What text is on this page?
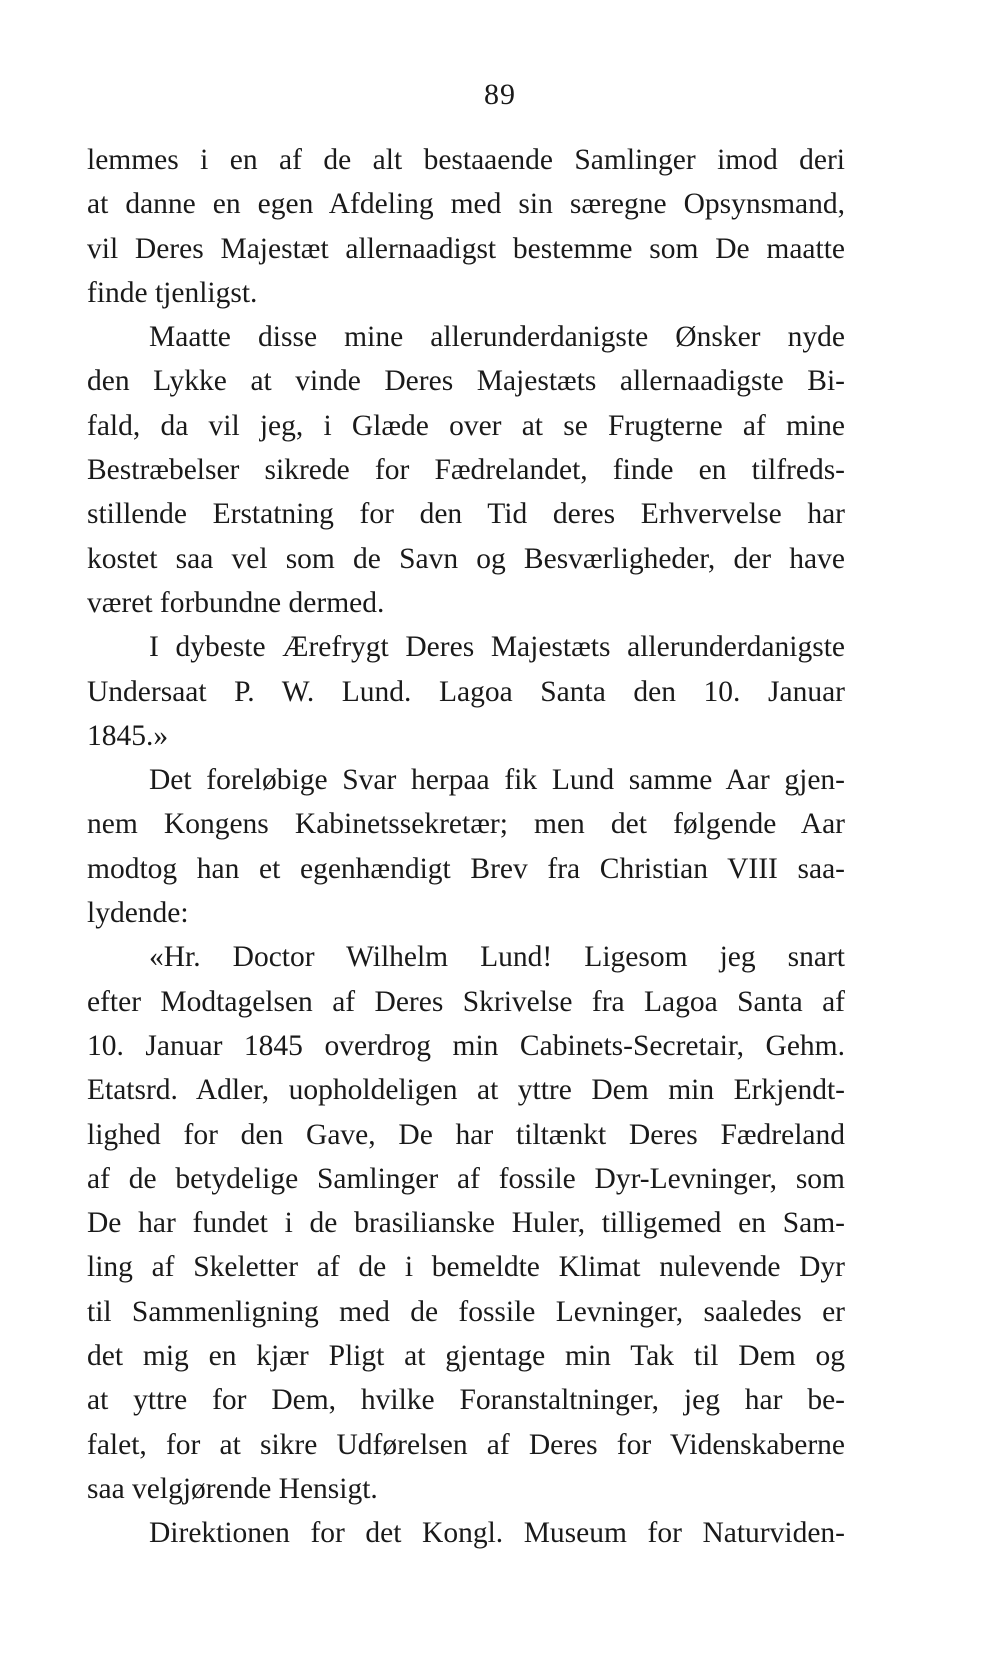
89
lemmes i en af de alt bestaaende Samlinger imod deri
at danne en egen Afdeling med sin særegne Opsynsmand,
vil Deres Majestæt allernaadigst bestemme som De maatte
finde tjenligst.
Maatte disse mine allerunderdanigste Ønsker nyde
den Lykke at vinde Deres Majestæts allernaadigste Bi-
fald, da vil jeg, i Glæde over at se Frugterne af mine
Bestræbelser sikrede for Fædrelandet, finde en tilfreds-
stillende Erstatning for den Tid deres Erhvervelse har
kostet saa vel som de Savn og Besværligheder, der have
været forbundne dermed.
I dybeste Ærefrygt Deres Majestæts allerunderdanigste
Undersaat P. W. Lund. Lagoa Santa den 10. Januar
1845.»
Det foreløbige Svar herpaa fik Lund samme Aar gjen-
nem Kongens Kabinetssekretær; men det følgende Aar
modtog han et egenhændigt Brev fra Christian VIII saa-
lydende:
«Hr. Doctor Wilhelm Lund! Ligesom jeg snart
efter Modtagelsen af Deres Skrivelse fra Lagoa Santa af
10. Januar 1845 overdrog min Cabinets-Secretair, Gehm.
Etatsrd. Adler, uopholdeligen at yttre Dem min Erkjendt-
lighed for den Gave, De har tiltænkt Deres Fædreland
af de betydelige Samlinger af fossile Dyr-Levninger, som
De har fundet i de brasilianske Huler, tilligemed en Sam-
ling af Skeletter af de i bemeldte Klimat nulevende Dyr
til Sammenligning med de fossile Levninger, saaledes er
det mig en kjær Pligt at gjentage min Tak til Dem og
at yttre for Dem, hvilke Foranstaltninger, jeg har be-
falet, for at sikre Udførelsen af Deres for Videnskaberne
saa velgjørende Hensigt.
Direktionen for det Kongl. Museum for Naturviden-
